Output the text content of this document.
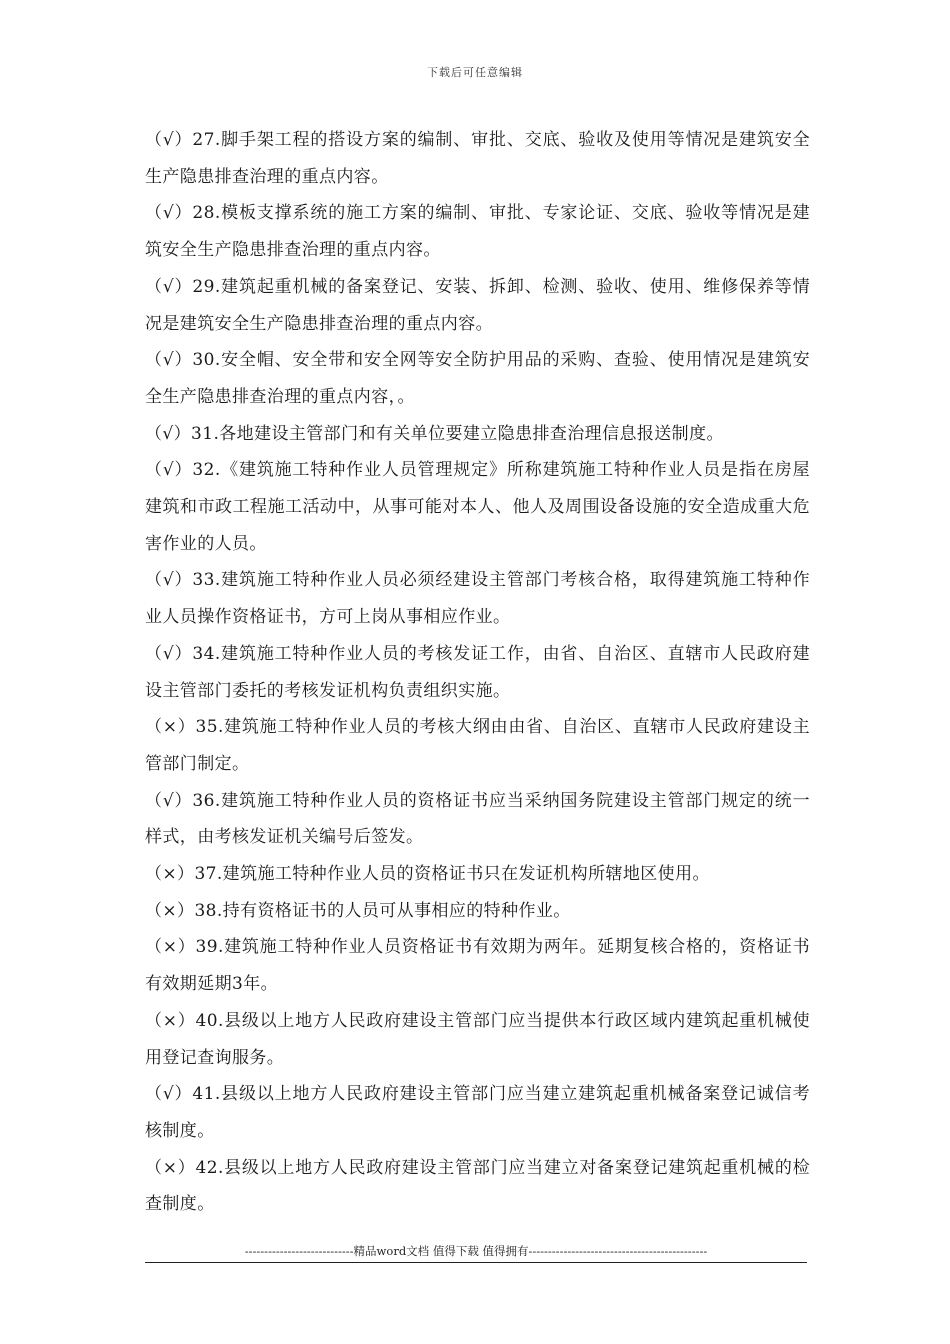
下载后可任意编辑

（√）27.脚手架工程的搭设方案的编制、审批、交底、验收及使用等情况是建筑安全生产隐患排查治理的重点内容。

（√）28.模板支撑系统的施工方案的编制、审批、专家论证、交底、验收等情况是建筑安全生产隐患排查治理的重点内容。

（√）29.建筑起重机械的备案登记、安装、拆卸、检测、验收、使用、维修保养等情况是建筑安全生产隐患排查治理的重点内容。

（√）30.安全帽、安全带和安全网等安全防护用品的采购、查验、使用情况是建筑安全生产隐患排查治理的重点内容，。

（√）31.各地建设主管部门和有关单位要建立隐患排查治理信息报送制度。

（√）32.《建筑施工特种作业人员管理规定》所称建筑施工特种作业人员是指在房屋建筑和市政工程施工活动中，从事可能对本人、他人及周围设备设施的安全造成重大危害作业的人员。

（√）33.建筑施工特种作业人员必须经建设主管部门考核合格，取得建筑施工特种作业人员操作资格证书，方可上岗从事相应作业。

（√）34.建筑施工特种作业人员的考核发证工作，由省、自治区、直辖市人民政府建设主管部门委托的考核发证机构负责组织实施。

（×）35.建筑施工特种作业人员的考核大纲由由省、自治区、直辖市人民政府建设主管部门制定。

（√）36.建筑施工特种作业人员的资格证书应当采纳国务院建设主管部门规定的统一样式，由考核发证机关编号后签发。

（×）37.建筑施工特种作业人员的资格证书只在发证机构所辖地区使用。

（×）38.持有资格证书的人员可从事相应的特种作业。

（×）39.建筑施工特种作业人员资格证书有效期为两年。延期复核合格的，资格证书有效期延期3年。

（×）40.县级以上地方人民政府建设主管部门应当提供本行政区域内建筑起重机械使用登记查询服务。

（√）41.县级以上地方人民政府建设主管部门应当建立建筑起重机械备案登记诚信考核制度。

（×）42.县级以上地方人民政府建设主管部门应当建立对备案登记建筑起重机械的检查制度。

----------------------------精品word文档 值得下载 值得拥有----------------------------------------------
